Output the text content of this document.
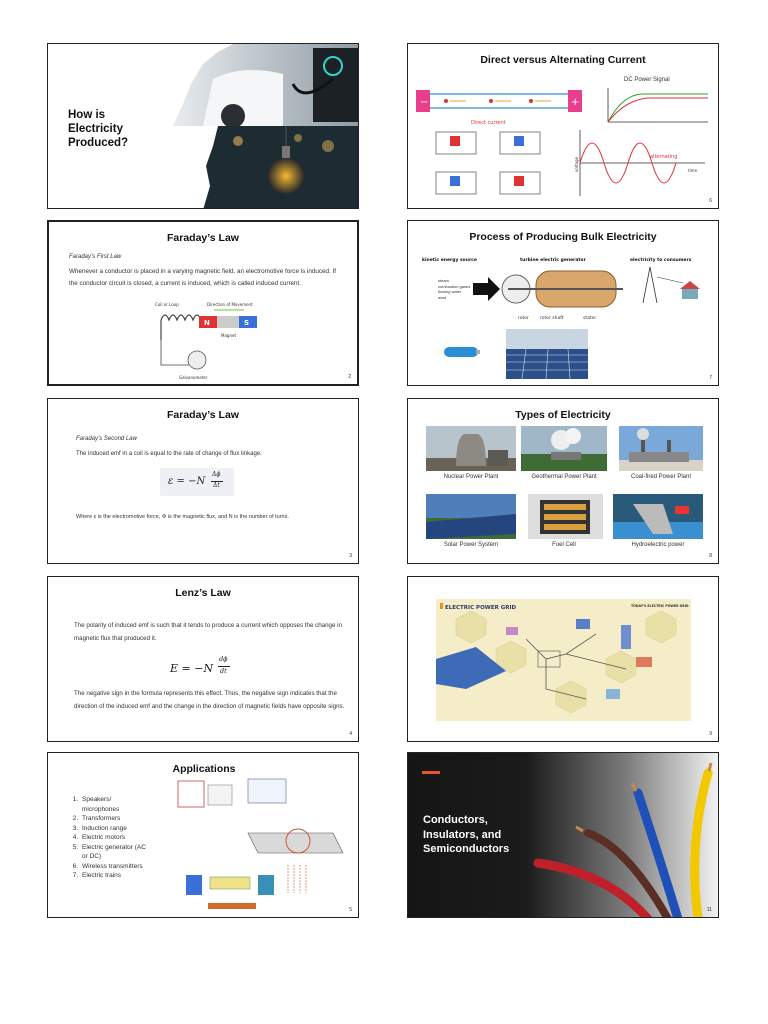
How is
Electricity
Produced?
Direct versus Alternating Current
−	+
Direct current
DC Power Signal
alternating
time
voltage
6
Faraday’s Law
Faraday’s First Law
Whenever a conductor is placed in a varying magnetic field, an electromotive force is induced. If the conductor circuit is closed, a current is induced, which is called induced current.
N	S
Coil or Loop	Direction of Movement
Magnet
Galvanometer	2
Process of Producing Bulk Electricity
kinetic energy source	turbine electric generator	electricity to consumers
rotor rotor shaft	stator
steam
combustion gases
flowing water
wind
7
Faraday’s Law
Faraday’s Second Law
The induced emf in a coil is equal to the rate of change of flux linkage.
ε = −N
Δϕ
Δt
Where ε is the electromotive force, Φ is the magnetic flux, and N is the number of turns.
3
Types of Electricity
Nuclear Power Plant	Geothermal Power Plant	Coal-fired Power Plant
Solar Power System	Fuel Cell	Hydroelectric power
8
Lenz’s Law
The polarity of induced emf is such that it tends to produce a current which opposes the change in magnetic flux that produced it.
E = −N
dϕ
dt
The negative sign in the formula represents this effect. Thus, the negative sign indicates that the direction of the induced emf and the change in the direction of magnetic fields have opposite signs.
4
ELECTRIC POWER GRID	TODAY'S ELECTRIC POWER GRID
9
Applications
1. Speakers/
microphones
2. Transformers
3. Induction range
4. Electric motors
5. Electric generator (AC
or DC)
6. Wireless transmitters
7. Electric trains
5
Conductors,
Insulators, and
Semiconductors
11
